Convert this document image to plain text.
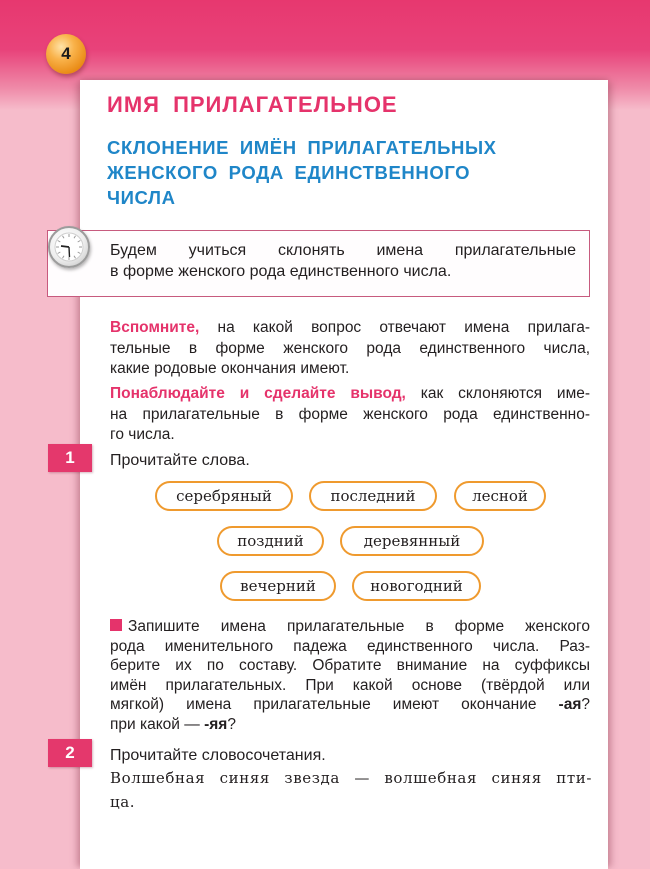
4
ИМЯ ПРИЛАГАТЕЛЬНОЕ
СКЛОНЕНИЕ ИМЁН ПРИЛАГАТЕЛЬНЫХ
ЖЕНСКОГО РОДА ЕДИНСТВЕННОГО
ЧИСЛА
Будем учиться склонять имена прилагательные
в форме женского рода единственного числа.
Вспомните, на какой вопрос отвечают имена прилага-
тельные в форме женского рода единственного числа,
какие родовые окончания имеют.
Понаблюдайте и сделайте вывод, как склоняются име-
на прилагательные в форме женского рода единственно-
го числа.
1 Прочитайте слова.
серебряный	последний	лесной
поздний	деревянный
вечерний	новогодний
Запишите имена прилагательные в форме женского
рода именительного падежа единственного числа. Раз-
берите их по составу. Обратите внимание на суффиксы
имён прилагательных. При какой основе (твёрдой или
мягкой) имена прилагательные имеют окончание -ая?
при какой — -яя?
2 Прочитайте словосочетания.
Волшебная синяя звезда — волшебная синяя пти-
ца.
